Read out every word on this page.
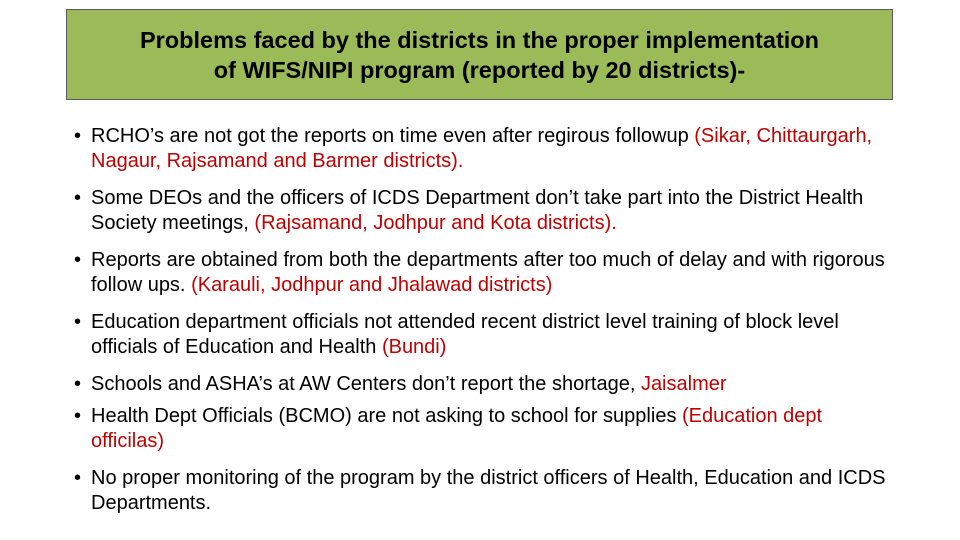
Problems faced by the districts in the proper implementation
of WIFS/NIPI program (reported by 20 districts)-
• RCHO’s are not got the reports on time even after regirous followup (Sikar, Chittaurgarh, Nagaur, Rajsamand and Barmer districts).
• Some DEOs and the officers of ICDS Department don’t take part into the District Health Society meetings, (Rajsamand, Jodhpur and Kota districts).
• Reports are obtained from both the departments after too much of delay and with rigorous follow ups. (Karauli, Jodhpur and Jhalawad districts)
• Education department officials not attended recent district level training of block level officials of Education and Health (Bundi)
• Schools and ASHA’s at AW Centers don’t report the shortage, Jaisalmer
• Health Dept Officials (BCMO) are not asking to school for supplies (Education dept officilas)
• No proper monitoring of the program by the district officers of Health, Education and ICDS Departments.
